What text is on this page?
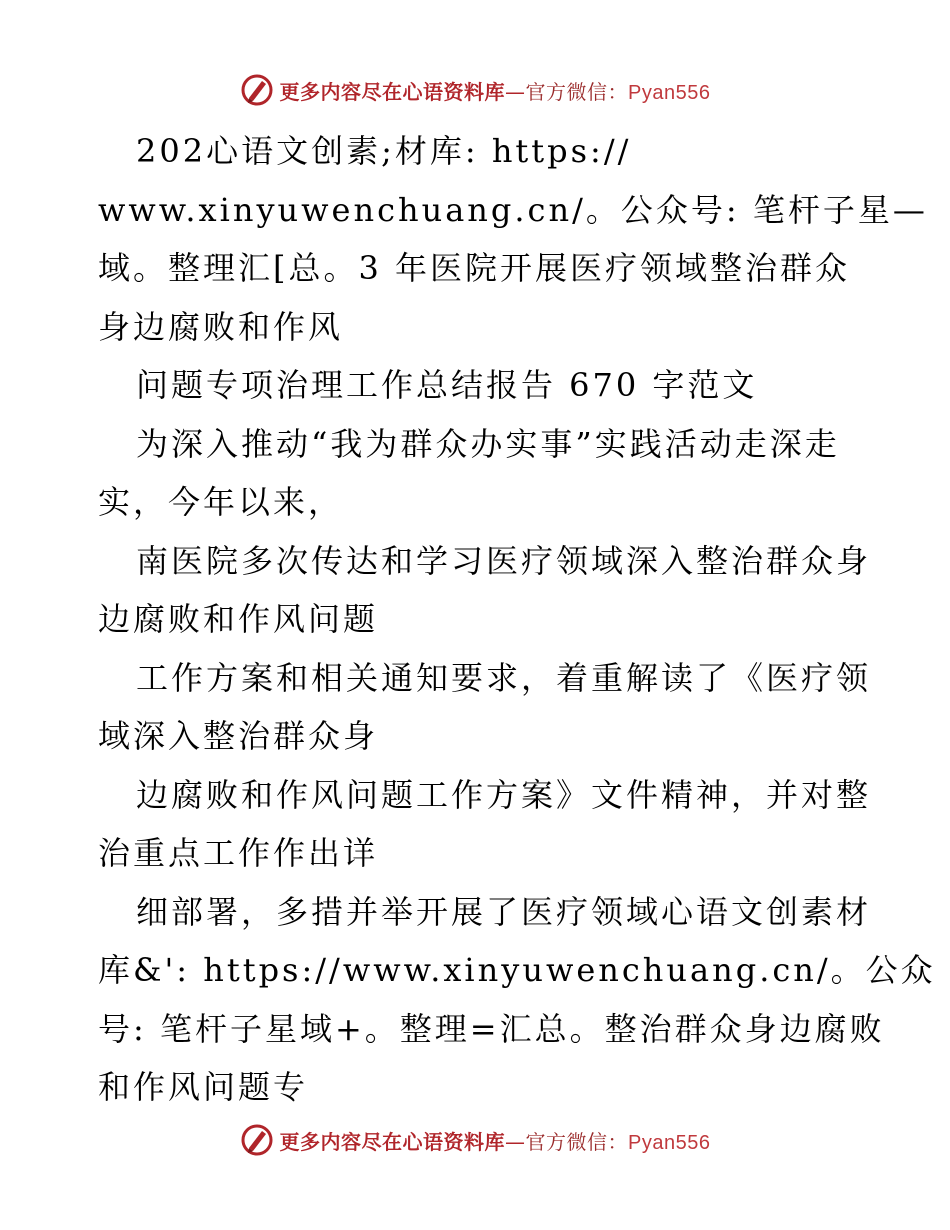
更多内容尽在心语资料库—官方微信：Pyan556
202心语文创素;材库: https://
www.xinyuwenchuang.cn/。公众号: 笔杆子星—
域。整理汇[总。3 年医院开展医疗领域整治群众
身边腐败和作风
问题专项治理工作总结报告 670 字范文
为深入推动“我为群众办实事”实践活动走深走
实，今年以来，
南医院多次传达和学习医疗领域深入整治群众身
边腐败和作风问题
工作方案和相关通知要求，着重解读了《医疗领
域深入整治群众身
边腐败和作风问题工作方案》文件精神，并对整
治重点工作作出详
细部署，多措并举开展了医疗领域心语文创素材
库&': https://www.xinyuwenchuang.cn/。公众
号: 笔杆子星域+。整理=汇总。整治群众身边腐败
和作风问题专
更多内容尽在心语资料库—官方微信：Pyan556
